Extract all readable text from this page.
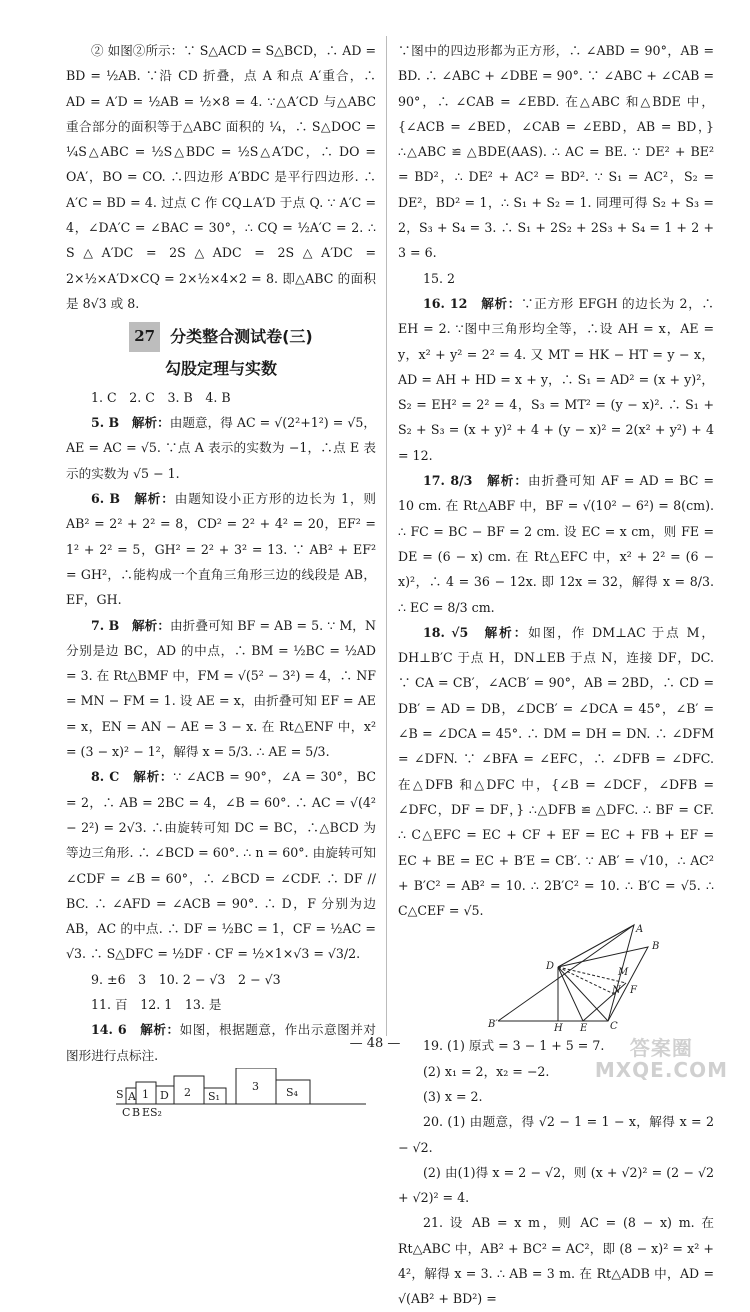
② 如图②所示：∵ S△ACD = S△BCD，∴ AD = BD = ½AB. ∵沿 CD 折叠，点 A 和点 A′重合，∴ AD = A′D = ½AB = ½×8 = 4. ∵△A′CD 与△ABC 重合部分的面积等于△ABC 面积的 ¼，∴ S△DOC = ¼S△ABC = ½S△BDC = ½S△A′DC，∴ DO = OA′，BO = CO. ∴四边形 A′BDC 是平行四边形. ∴ A′C = BD = 4. 过点 C 作 CQ⊥A′D 于点 Q. ∵ A′C = 4，∠DA′C = ∠BAC = 30°，∴ CQ = ½A′C = 2. ∴ S△A′DC = 2S△ADC = 2S△A′DC = 2×½×A′D×CQ = 2×½×4×2 = 8. 即△ABC 的面积是 8√3 或 8.

27 分类整合测试卷(三)
勾股定理与实数

1. C　2. C　3. B　4. B

5. B　解析：由题意，得 AC = √(2²+1²) = √5，AE = AC = √5. ∵点 A 表示的实数为 −1，∴点 E 表示的实数为 √5 − 1.

6. B　解析：由题知设小正方形的边长为 1，则 AB² = 2² + 2² = 8，CD² = 2² + 4² = 20，EF² = 1² + 2² = 5，GH² = 2² + 3² = 13. ∵ AB² + EF² = GH²，∴能构成一个直角三角形三边的线段是 AB，EF，GH.

7. B　解析：由折叠可知 BF = AB = 5. ∵ M，N 分别是边 BC，AD 的中点，∴ BM = ½BC = ½AD = 3. 在 Rt△BMF 中，FM = √(5² − 3²) = 4，∴ NF = MN − FM = 1. 设 AE = x，由折叠可知 EF = AE = x，EN = AN − AE = 3 − x. 在 Rt△ENF 中，x² = (3 − x)² − 1²，解得 x = 5/3. ∴ AE = 5/3.

8. C　解析：∵ ∠ACB = 90°，∠A = 30°，BC = 2，∴ AB = 2BC = 4，∠B = 60°. ∴ AC = √(4² − 2²) = 2√3. ∴由旋转可知 DC = BC，∴△BCD 为等边三角形. ∴ ∠BCD = 60°. ∴ n = 60°. 由旋转可知 ∠CDF = ∠B = 60°，∴ ∠BCD = ∠CDF. ∴ DF // BC. ∴ ∠AFD = ∠ACB = 90°. ∴ D，F 分别为边 AB，AC 的中点. ∴ DF = ½BC = 1，CF = ½AC = √3. ∴ S△DFC = ½DF · CF = ½×1×√3 = √3/2.

9. ±6　3　10. 2 − √3　2 − √3

11. 百　12. 1　13. 是

14. 6　解析：如图，根据题意，作出示意图并对图形进行点标注.

S A 1 D 2 S₁
S₂
3 S₄
C B E

∵图中的四边形都为正方形，∴ ∠ABD = 90°，AB = BD. ∴ ∠ABC + ∠DBE = 90°. ∵ ∠ABC + ∠CAB = 90°，∴ ∠CAB = ∠EBD. 在△ABC 和△BDE 中，{∠ACB = ∠BED，∠CAB = ∠EBD，AB = BD，} ∴△ABC ≌ △BDE(AAS). ∴ AC = BE. ∵ DE² + BE² = BD²，∴ DE² + AC² = BD². ∵ S₁ = AC²，S₂ = DE²，BD² = 1，∴ S₁ + S₂ = 1. 同理可得 S₂ + S₃ = 2，S₃ + S₄ = 3. ∴ S₁ + 2S₂ + 2S₃ + S₄ = 1 + 2 + 3 = 6.

15. 2

16. 12　解析：∵正方形 EFGH 的边长为 2，∴ EH = 2. ∵图中三角形均全等，∴设 AH = x，AE = y，x² + y² = 2² = 4. 又 MT = HK − HT = y − x，AD = AH + HD = x + y，∴ S₁ = AD² = (x + y)²，S₂ = EH² = 2² = 4，S₃ = MT² = (y − x)². ∴ S₁ + S₂ + S₃ = (x + y)² + 4 + (y − x)² = 2(x² + y²) + 4 = 12.

17. 8/3　解析：由折叠可知 AF = AD = BC = 10 cm. 在 Rt△ABF 中，BF = √(10² − 6²) = 8(cm). ∴ FC = BC − BF = 2 cm. 设 EC = x cm，则 FE = DE = (6 − x) cm. 在 Rt△EFC 中，x² + 2² = (6 − x)²，∴ 4 = 36 − 12x. 即 12x = 32，解得 x = 8/3. ∴ EC = 8/3 cm.

18. √5　解析：如图，作 DM⊥AC 于点 M，DH⊥B′C 于点 H，DN⊥EB 于点 N，连接 DF，DC. ∵ CA = CB′，∠ACB′ = 90°，AB = 2BD，∴ CD = DB′ = AD = DB，∠DCB′ = ∠DCA = 45°，∠B′ = ∠B = ∠DCA = 45°. ∴ DM = DH = DN. ∴ ∠DFM = ∠DFN. ∵ ∠BFA = ∠EFC，∴ ∠DFB = ∠DFC. 在△DFB 和△DFC 中，{∠B = ∠DCF，∠DFB = ∠DFC，DF = DF，} ∴△DFB ≌ △DFC. ∴ BF = CF. ∴ C△EFC = EC + CF + EF = EC + FB + EF = EC + BE = EC + B′E = CB′. ∵ AB′ = √10，∴ AC² + B′C² = AB² = 10. ∴ 2B′C² = 10. ∴ B′C = √5. ∴ C△CEF = √5.

A
B
D
M
N F
B′	H E C

19. (1) 原式 = 3 − 1 + 5 = 7.

(2) x₁ = 2，x₂ = −2.

(3) x = 2.

20. (1) 由题意，得 √2 − 1 = 1 − x，解得 x = 2 − √2.

(2) 由(1)得 x = 2 − √2，则 (x + √2)² = (2 − √2 + √2)² = 4.

21. 设 AB = x m，则 AC = (8 − x) m. 在 Rt△ABC 中，AB² + BC² = AC²，即 (8 − x)² = x² + 4²，解得 x = 3. ∴ AB = 3 m. 在 Rt△ADB 中，AD = √(AB² + BD²) =

— 48 —	答案圈
MXQE.COM
